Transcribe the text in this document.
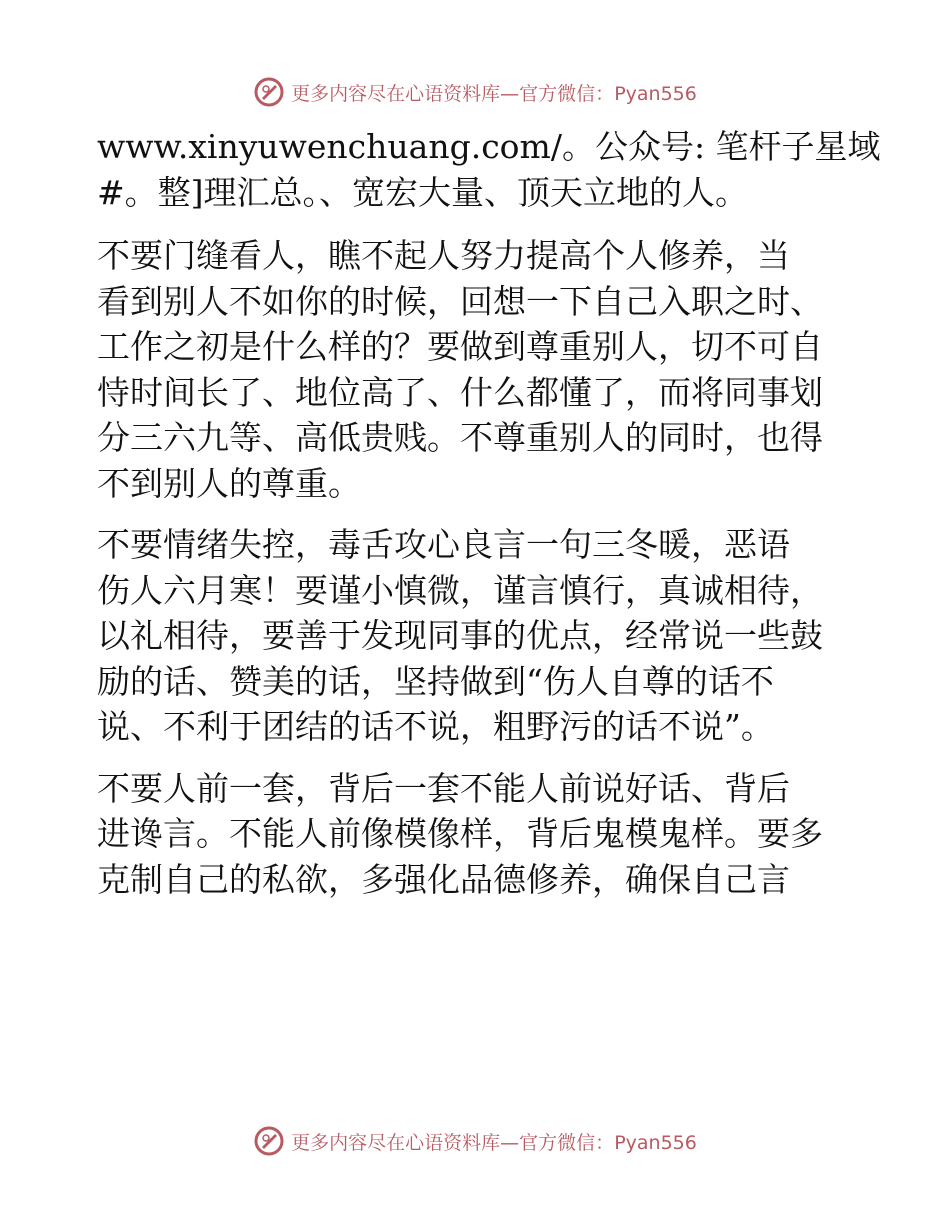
更多内容尽在心语资料库—官方微信：Pyan556

www.xinyuwenchuang.com/。公众号: 笔杆子星域
#。整]理汇总。、宽宏大量、顶天立地的人。

不要门缝看人，瞧不起人努力提高个人修养，当
看到别人不如你的时候，回想一下自己入职之时、
工作之初是什么样的？要做到尊重别人，切不可自
恃时间长了、地位高了、什么都懂了，而将同事划
分三六九等、高低贵贱。不尊重别人的同时，也得
不到别人的尊重。

不要情绪失控，毒舌攻心良言一句三冬暖，恶语
伤人六月寒！要谨小慎微，谨言慎行，真诚相待，
以礼相待，要善于发现同事的优点，经常说一些鼓
励的话、赞美的话，坚持做到“伤人自尊的话不
说、不利于团结的话不说，粗野污的话不说”。

不要人前一套，背后一套不能人前说好话、背后
进谗言。不能人前像模像样，背后鬼模鬼样。要多
克制自己的私欲，多强化品德修养，确保自己言

更多内容尽在心语资料库—官方微信：Pyan556
